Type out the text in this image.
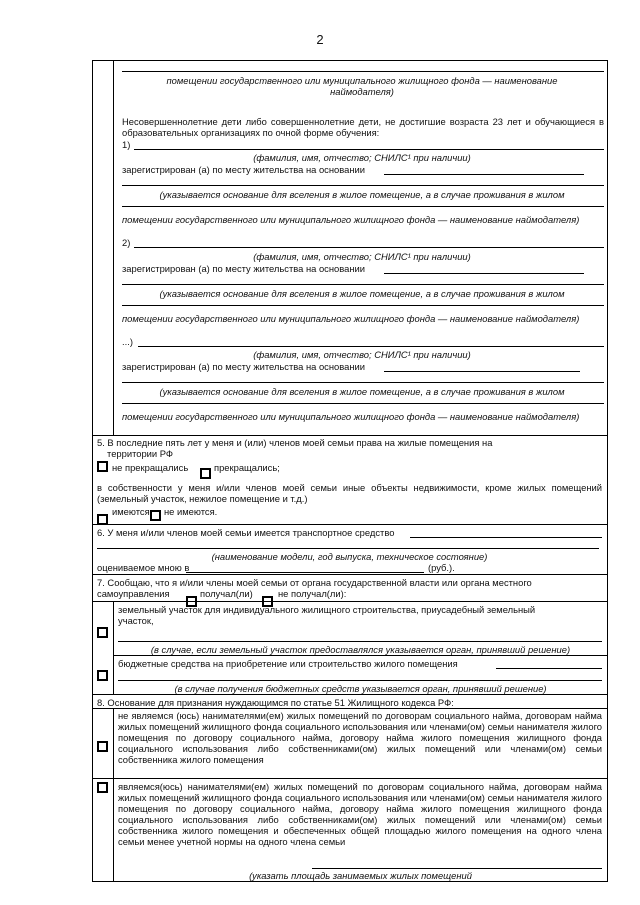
2
помещении государственного или муниципального жилищного фонда — наименование
наймодателя)
Несовершеннолетние дети либо совершеннолетние дети, не достигшие возраста 23 лет и обучающиеся в образовательных организациях по очной форме обучения:
1)
(фамилия, имя, отчество; СНИЛС¹ при наличии)
зарегистрирован (а) по месту жительства на основании
(указывается основание для вселения в жилое помещение, а в случае проживания в жилом
помещении государственного или муниципального жилищного фонда — наименование наймодателя)
2)
(фамилия, имя, отчество; СНИЛС¹ при наличии)
зарегистрирован (а) по месту жительства на основании
(указывается основание для вселения в жилое помещение, а в случае проживания в жилом
помещении государственного или муниципального жилищного фонда — наименование наймодателя)
...)
(фамилия, имя, отчество; СНИЛС¹ при наличии)
зарегистрирован (а) по месту жительства на основании
(указывается основание для вселения в жилое помещение, а в случае проживания в жилом
помещении государственного или муниципального жилищного фонда — наименование наймодателя)
5. В последние пять лет у меня и (или) членов моей семьи права на жилые помещения на
территории РФ
не прекращались	прекращались;
в собственности у меня и/или членов моей семьи иные объекты недвижимости, кроме жилых помещений (земельный участок, нежилое помещение и т.д.)
имеются не имеются.
6. У меня и/или членов моей семьи имеется транспортное средство
(наименование модели, год выпуска, техническое состояние)
оцениваемое мною в	(руб.).
7. Сообщаю, что я и/или члены моей семьи от органа государственной власти или органа местного
самоуправления	получал(ли)	не получал(ли):
земельный участок для индивидуального жилищного строительства, приусадебный земельный
участок,
(в случае, если земельный участок предоставлялся указывается орган, принявший решение)
бюджетные средства на приобретение или строительство жилого помещения
(в случае получения бюджетных средств указывается орган, принявший решение)
8. Основание для признания нуждающимся по статье 51 Жилищного кодекса РФ:
не являемся (юсь) нанимателями(ем) жилых помещений по договорам социального найма, договорам найма жилых помещений жилищного фонда социального использования или членами(ом) семьи нанимателя жилого помещения по договору социального найма, договору найма жилого помещения жилищного фонда социального использования либо собственниками(ом) жилых помещений или членами(ом) семьи собственника жилого помещения
являемся(юсь) нанимателями(ем) жилых помещений по договорам социального найма, договорам найма жилых помещений жилищного фонда социального использования или членами(ом) семьи нанимателя жилого помещения по договору социального найма, договору найма жилого помещения жилищного фонда социального использования либо собственниками(ом) жилых помещений или членами(ом) семьи собственника жилого помещения и обеспеченных общей площадью жилого помещения на одного члена семьи менее учетной нормы на одного члена семьи
(указать площадь занимаемых жилых помещений
